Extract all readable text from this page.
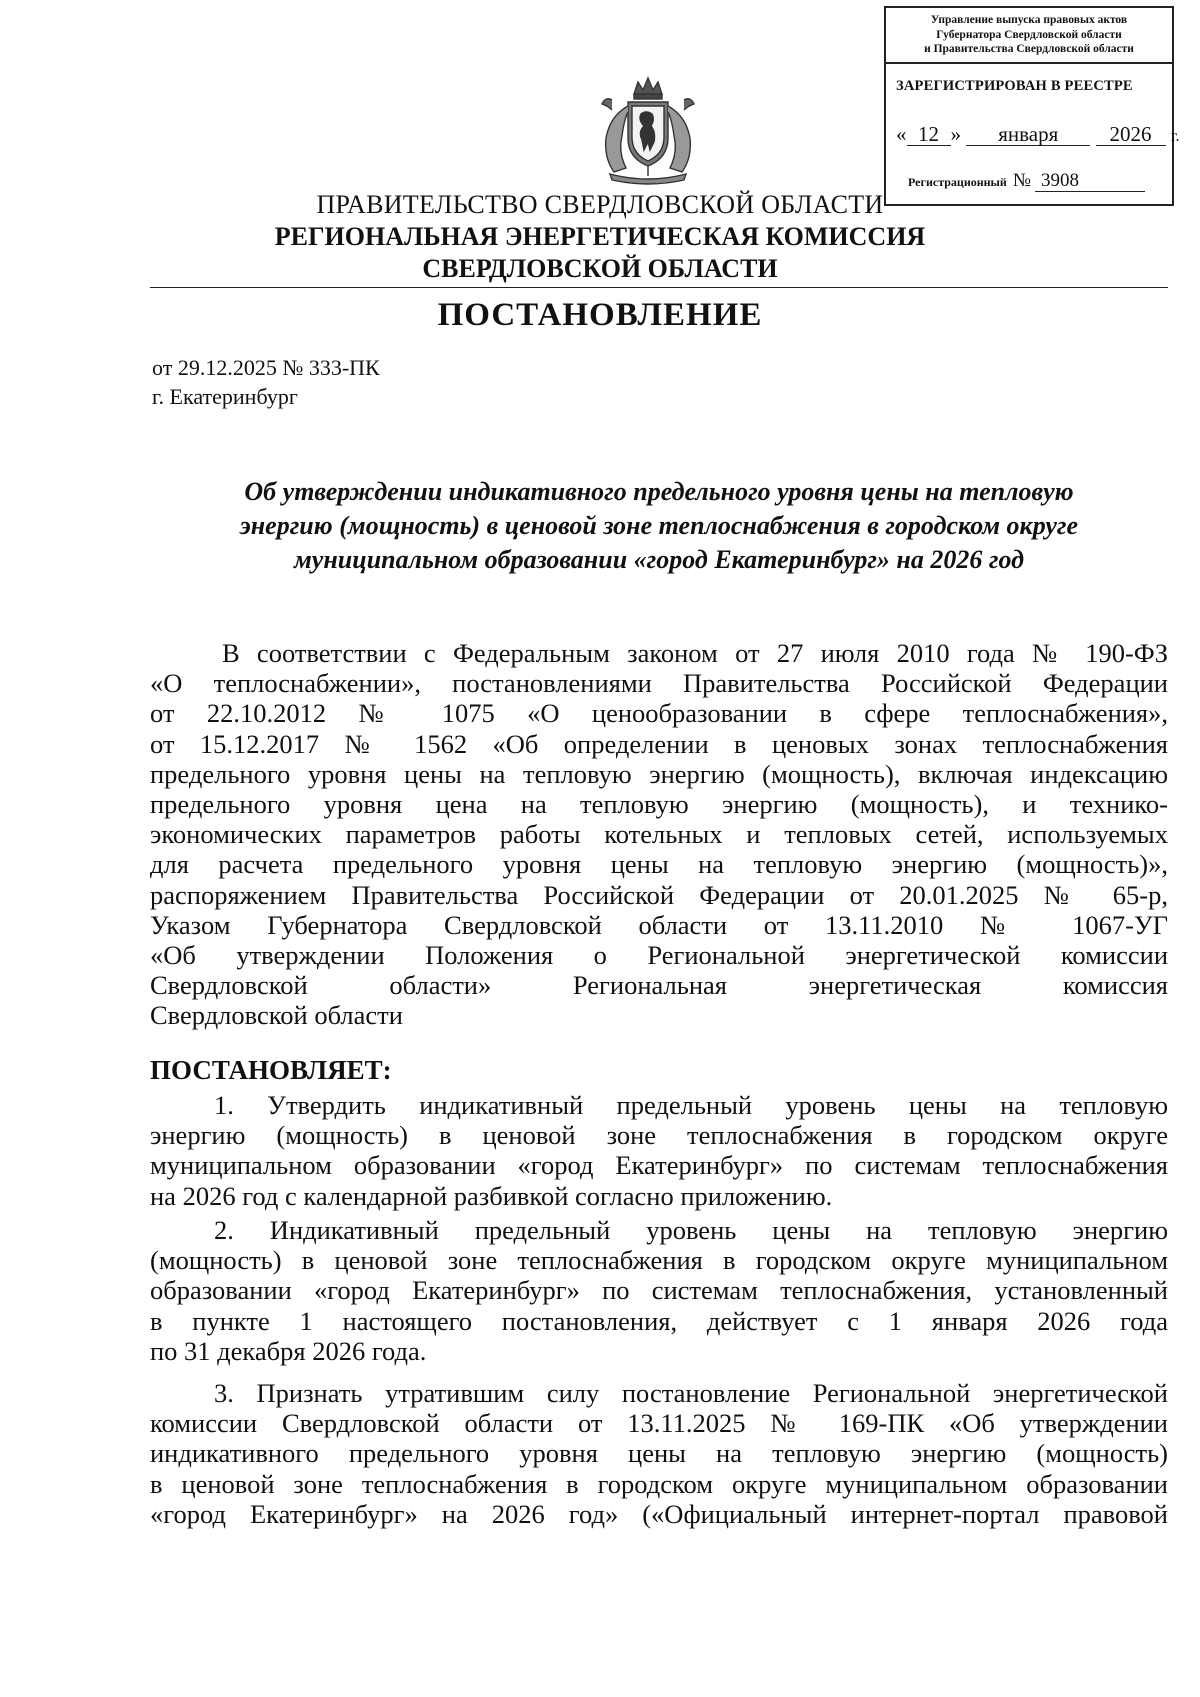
Управление выпуска правовых актов
Губернатора Свердловской области
и Правительства Свердловской области
ЗАРЕГИСТРИРОВАН В РЕЕСТРЕ
« 12 » января 2026 г.
Регистрационный № 3908
ПРАВИТЕЛЬСТВО СВЕРДЛОВСКОЙ ОБЛАСТИ
РЕГИОНАЛЬНАЯ ЭНЕРГЕТИЧЕСКАЯ КОМИССИЯ
СВЕРДЛОВСКОЙ ОБЛАСТИ
ПОСТАНОВЛЕНИЕ
от 29.12.2025 № 333-ПК
г. Екатеринбург
Об утверждении индикативного предельного уровня цены на тепловую
энергию (мощность) в ценовой зоне теплоснабжения в городском округе
муниципальном образовании «город Екатеринбург» на 2026 год
В соответствии с Федеральным законом от 27 июля 2010 года № 190-ФЗ
«О теплоснабжении», постановлениями Правительства Российской Федерации
от 22.10.2012 № 1075 «О ценообразовании в сфере теплоснабжения»,
от 15.12.2017 № 1562 «Об определении в ценовых зонах теплоснабжения
предельного уровня цены на тепловую энергию (мощность), включая индексацию
предельного уровня цена на тепловую энергию (мощность), и технико-
экономических параметров работы котельных и тепловых сетей, используемых
для расчета предельного уровня цены на тепловую энергию (мощность)»,
распоряжением Правительства Российской Федерации от 20.01.2025 № 65-р,
Указом Губернатора Свердловской области от 13.11.2010 № 1067-УГ
«Об утверждении Положения о Региональной энергетической комиссии
Свердловской области» Региональная энергетическая комиссия
Свердловской области
ПОСТАНОВЛЯЕТ:
1. Утвердить индикативный предельный уровень цены на тепловую
энергию (мощность) в ценовой зоне теплоснабжения в городском округе
муниципальном образовании «город Екатеринбург» по системам теплоснабжения
на 2026 год с календарной разбивкой согласно приложению.
2. Индикативный предельный уровень цены на тепловую энергию
(мощность) в ценовой зоне теплоснабжения в городском округе муниципальном
образовании «город Екатеринбург» по системам теплоснабжения, установленный
в пункте 1 настоящего постановления, действует с 1 января 2026 года
по 31 декабря 2026 года.
3. Признать утратившим силу постановление Региональной энергетической
комиссии Свердловской области от 13.11.2025 № 169-ПК «Об утверждении
индикативного предельного уровня цены на тепловую энергию (мощность)
в ценовой зоне теплоснабжения в городском округе муниципальном образовании
«город Екатеринбург» на 2026 год» («Официальный интернет-портал правовой
